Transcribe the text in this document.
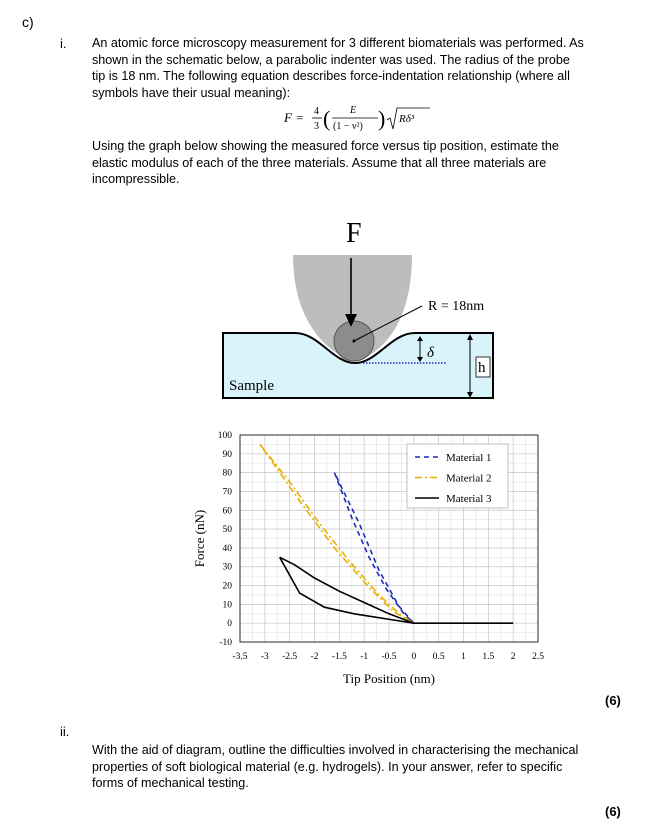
c)
i. An atomic force microscopy measurement for 3 different biomaterials was performed. As
shown in the schematic below, a parabolic indenter was used. The radius of the probe
tip is 18 nm. The following equation describes force-indentation relationship (where all
symbols have their usual meaning):
F = 4
3 ( E
(1 − ν²) ) Rδ³
Using the graph below showing the measured force versus tip position, estimate the
elastic modulus of each of the three materials. Assume that all three materials are
incompressible.
F
R = 18nm
δ
h
Sample
-3.5 -3 -2.5 -2 -1.5 -1 -0.5 0 0.5 1 1.5 2 2.5
-10
0
10
20
30
40
50
60
70
80
90
100
Material 1
Material 2
Material 3
Tip Position (nm)
Force (nN)
(6)
ii.
With the aid of diagram, outline the difficulties involved in characterising the mechanical
properties of soft biological material (e.g. hydrogels). In your answer, refer to specific
forms of mechanical testing.
(6)
